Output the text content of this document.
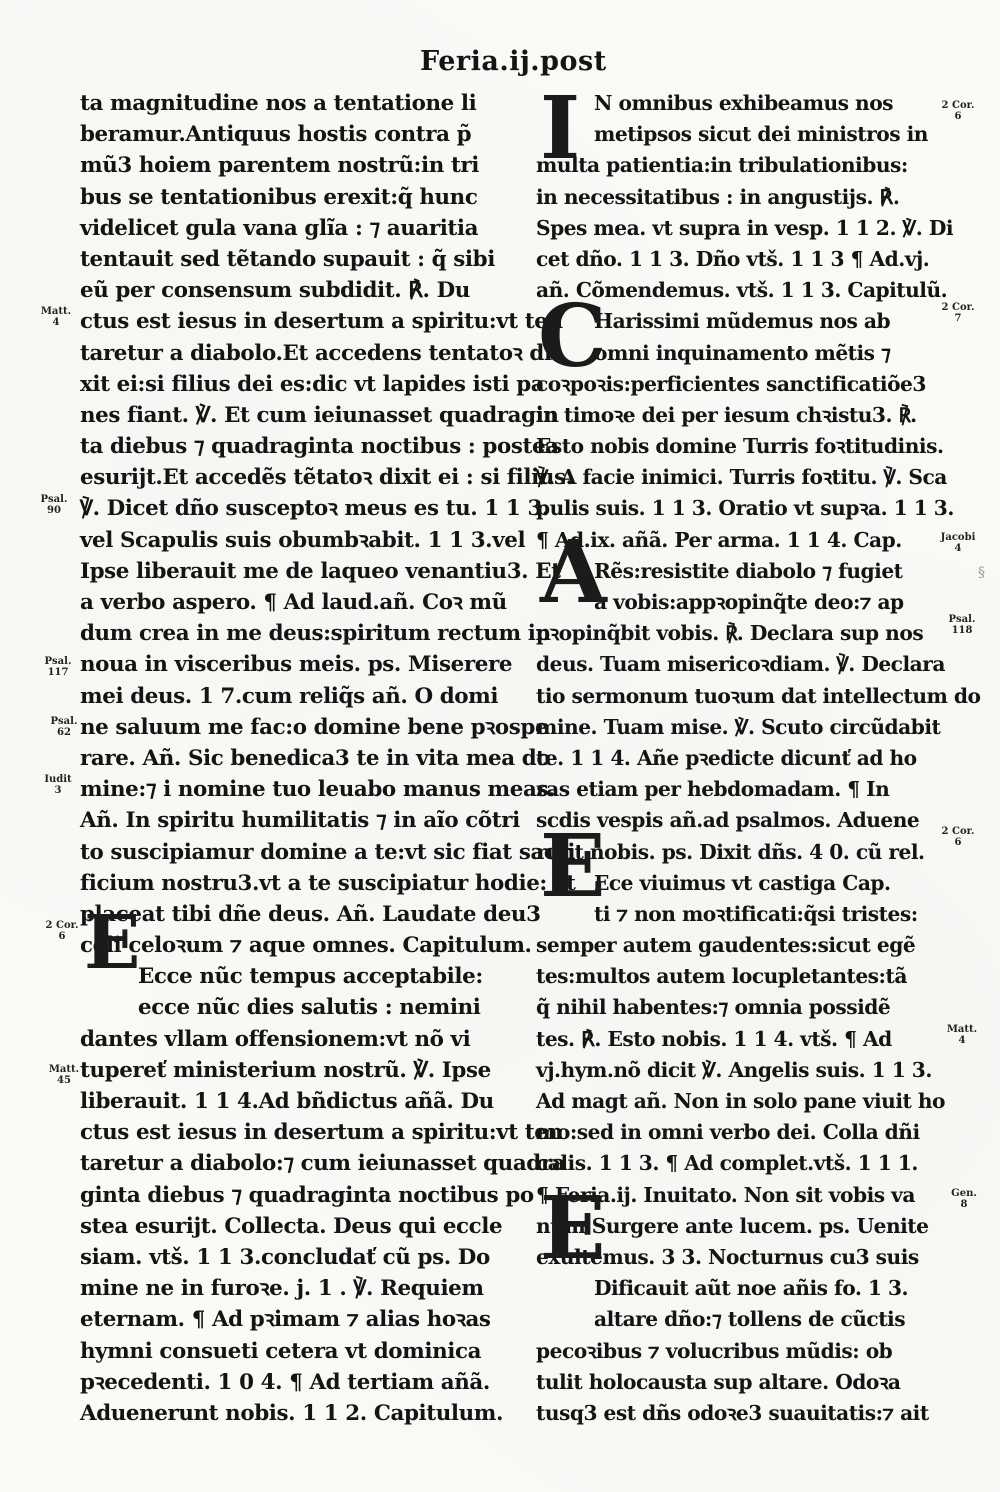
Feria.ij.post
ta magnitudine nos a tentatione li
beramur.Antiquus hostis contra p̃
mũ3 hoiem parentem nostrũ:in tri
bus se tentationibus erexit:q̃ hunc
videlicet gula vana glĩa : ⁊ auaritia
tentauit sed tẽtando supauit : q̃ sibi
eũ per consensum subdidit. ℟. Du
ctus est iesus in desertum a spiritu:vt ten
taretur a diabolo.Et accedens tentatoꝛ di
xit ei:si filius dei es:dic vt lapides isti pa
nes fiant. ℣. Et cum ieiunasset quadragin
ta diebus ⁊ quadraginta noctibus : postea
esurijt.Et accedẽs tẽtatoꝛ dixit ei : si filius.
℣. Dicet dño susceptoꝛ meus es tu. 1 1 3.
vel Scapulis suis obumbꝛabit. 1 1 3.vel
Ipse liberauit me de laqueo venantiu3. Et
a verbo aspero. ¶ Ad laud.añ. Coꝛ mũ
dum crea in me deus:spiritum rectum in
noua in visceribus meis. ps. Miserere
mei deus. 1 7.cum reliq̃s añ. O domi
ne saluum me fac:o domine bene pꝛospe
rare. Añ. Sic benedica3 te in vita mea do
mine:⁊ i nomine tuo leuabo manus meas.
Añ. In spiritu humilitatis ⁊ in aĩo cõtri
to suscipiamur domine a te:vt sic fiat sacri
ficium nostru3.vt a te suscipiatur hodie: vt
placeat tibi dñe deus. Añ. Laudate deu3
celi celoꝛum ⁊ aque omnes. Capitulum.
Ecce nũc tempus acceptabile:
ecce nũc dies salutis : nemini
dantes vllam offensionem:vt nõ vi
tupereť ministerium nostrũ. ℣. Ipse
liberauit. 1 1 4.Ad bñdictus añã. Du
ctus est iesus in desertum a spiritu:vt ten
taretur a diabolo:⁊ cum ieiunasset quadra
ginta diebus ⁊ quadraginta noctibus po
stea esurijt. Collecta. Deus qui eccle
siam. vtš. 1 1 3.concludať cũ ps. Do
mine ne in furoꝛe. j. 1 . ℣. Requiem
eternam. ¶ Ad pꝛimam ⁊ alias hoꝛas
hymni consueti cetera vt dominica
pꝛecedenti. 1 0 4. ¶ Ad tertiam añã.
Aduenerunt nobis. 1 1 2. Capitulum.
E
Matt.
4
Psal.
90
Psal.
117
Psal.
62
Iudit
3
2 Cor.
6
Matt.
45
N omnibus exhibeamus nos
metipsos sicut dei ministros in
multa patientia:in tribulationibus:
in necessitatibus : in angustijs. ℟.
Spes mea. vt supra in vesp. 1 1 2. ℣. Di
cet dño. 1 1 3. Dño vtš. 1 1 3 ¶ Ad.vj.
añ. Cõmendemus. vtš. 1 1 3. Capitulũ.
Harissimi mũdemus nos ab
omni inquinamento mẽtis ⁊
coꝛpoꝛis:perficientes sanctificatiõe3
in timoꝛe dei per iesum chꝛistu3. ℟.
Esto nobis domine Turris foꝛtitudinis.
℣. A facie inimici. Turris foꝛtitu. ℣. Sca
pulis suis. 1 1 3. Oratio vt supꝛa. 1 1 3.
¶ Ad.ix. añã. Per arma. 1 1 4. Cap.
Rẽs:resistite diabolo ⁊ fugiet
a vobis:appꝛopinq̃te deo:⁊ ap
pꝛopinq̃bit vobis. ℟. Declara sup nos
deus. Tuam misericoꝛdiam. ℣. Declara
tio sermonum tuoꝛum dat intellectum do
mine. Tuam mise. ℣. Scuto circũdabit
te. 1 1 4. Añe pꝛedicte dicunť ad ho
ras etiam per hebdomadam. ¶ In
scdis vespis añ.ad psalmos. Aduene
runt nobis. ps. Dixit dñs. 4 0. cũ rel.
Ece viuimus vt castiga Cap.
ti ⁊ non moꝛtificati:q̃si tristes:
semper autem gaudentes:sicut egẽ
tes:multos autem locupletantes:tã
q̃ nihil habentes:⁊ omnia possidẽ
tes. ℟. Esto nobis. 1 1 4. vtš. ¶ Ad
vj.hym.nõ dicit ℣. Angelis suis. 1 1 3.
Ad magt añ. Non in solo pane viuit ho
mo:sed in omni verbo dei. Colla dñi
calis. 1 1 3. ¶ Ad complet.vtš. 1 1 1.
¶ Feria.ij. Inuitato. Non sit vobis va
num Surgere ante lucem. ps. Uenite
exultemus. 3 3. Nocturnus cu3 suis
Dificauit aũt noe añis fo. 1 3.
altare dño:⁊ tollens de cũctis
pecoꝛibus ⁊ volucribus mũdis: ob
tulit holocausta sup altare. Odoꝛa
tusq3 est dñs odoꝛe3 suauitatis:⁊ ait
I
C
A
E
E
2 Cor.
6
2 Cor.
7
Jacobi
4
Psal.
118
2 Cor.
6
Matt.
4
Gen.
8
§
